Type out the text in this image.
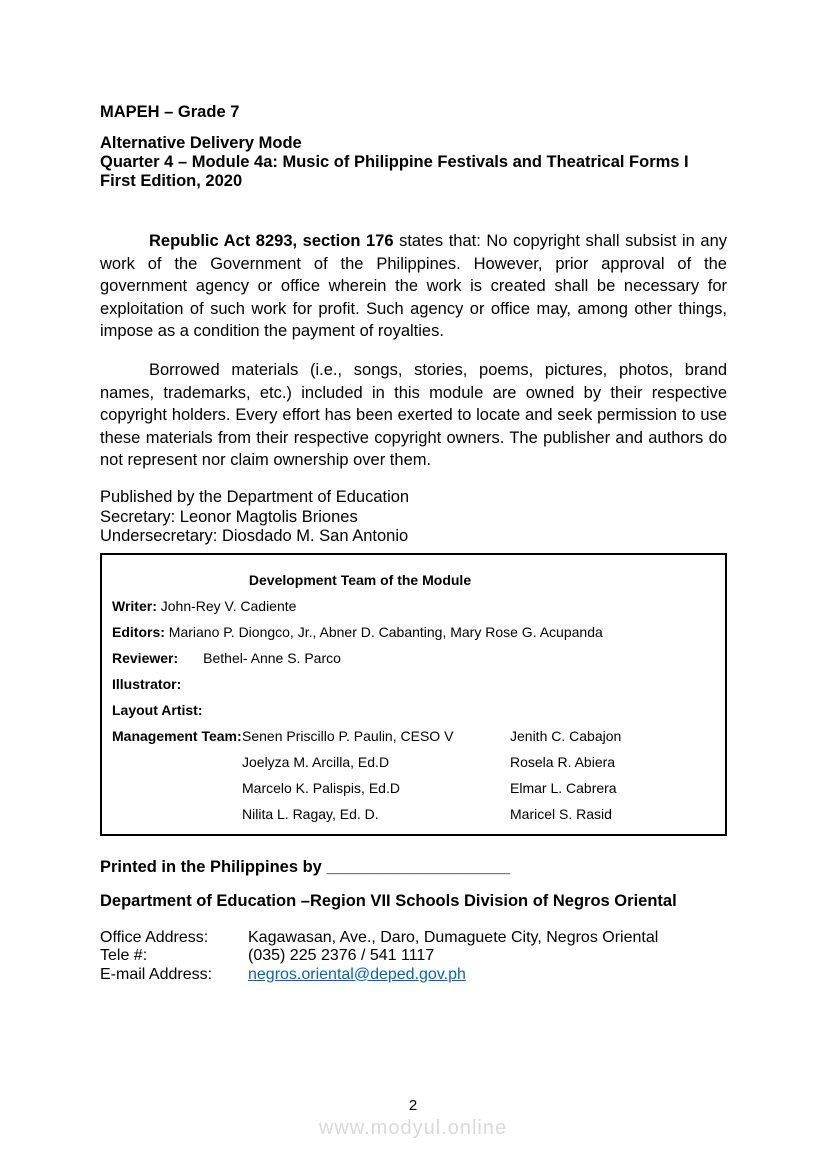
MAPEH – Grade 7
Alternative Delivery Mode
Quarter 4 – Module 4a: Music of Philippine Festivals and Theatrical Forms I
First Edition, 2020

Republic Act 8293, section 176 states that: No copyright shall subsist in any work of the Government of the Philippines. However, prior approval of the government agency or office wherein the work is created shall be necessary for exploitation of such work for profit. Such agency or office may, among other things, impose as a condition the payment of royalties.

Borrowed materials (i.e., songs, stories, poems, pictures, photos, brand names, trademarks, etc.) included in this module are owned by their respective copyright holders. Every effort has been exerted to locate and seek permission to use these materials from their respective copyright owners. The publisher and authors do not represent nor claim ownership over them.

Published by the Department of Education
Secretary: Leonor Magtolis Briones
Undersecretary: Diosdado M. San Antonio
Development Team of the Module
Writer: John-Rey V. Cadiente
Editors: Mariano P. Diongco, Jr., Abner D. Cabanting, Mary Rose G. Acupanda
Reviewer: Bethel- Anne S. Parco
Illustrator:
Layout Artist:
Management Team: Senen Priscillo P. Paulin, CESO V	Jenith C. Cabajon
Joelyza M. Arcilla, Ed.D	Rosela R. Abiera
Marcelo K. Palispis, Ed.D	Elmar L. Cabrera
Nilita L. Ragay, Ed. D.	Maricel S. Rasid
Printed in the Philippines by ____________________
Department of Education –Region VII Schools Division of Negros Oriental
Office Address:	Kagawasan, Ave., Daro, Dumaguete City, Negros Oriental
Tele #:	(035) 225 2376 / 541 1117
E-mail Address:	negros.oriental@deped.gov.ph
2
www.modyul.online
